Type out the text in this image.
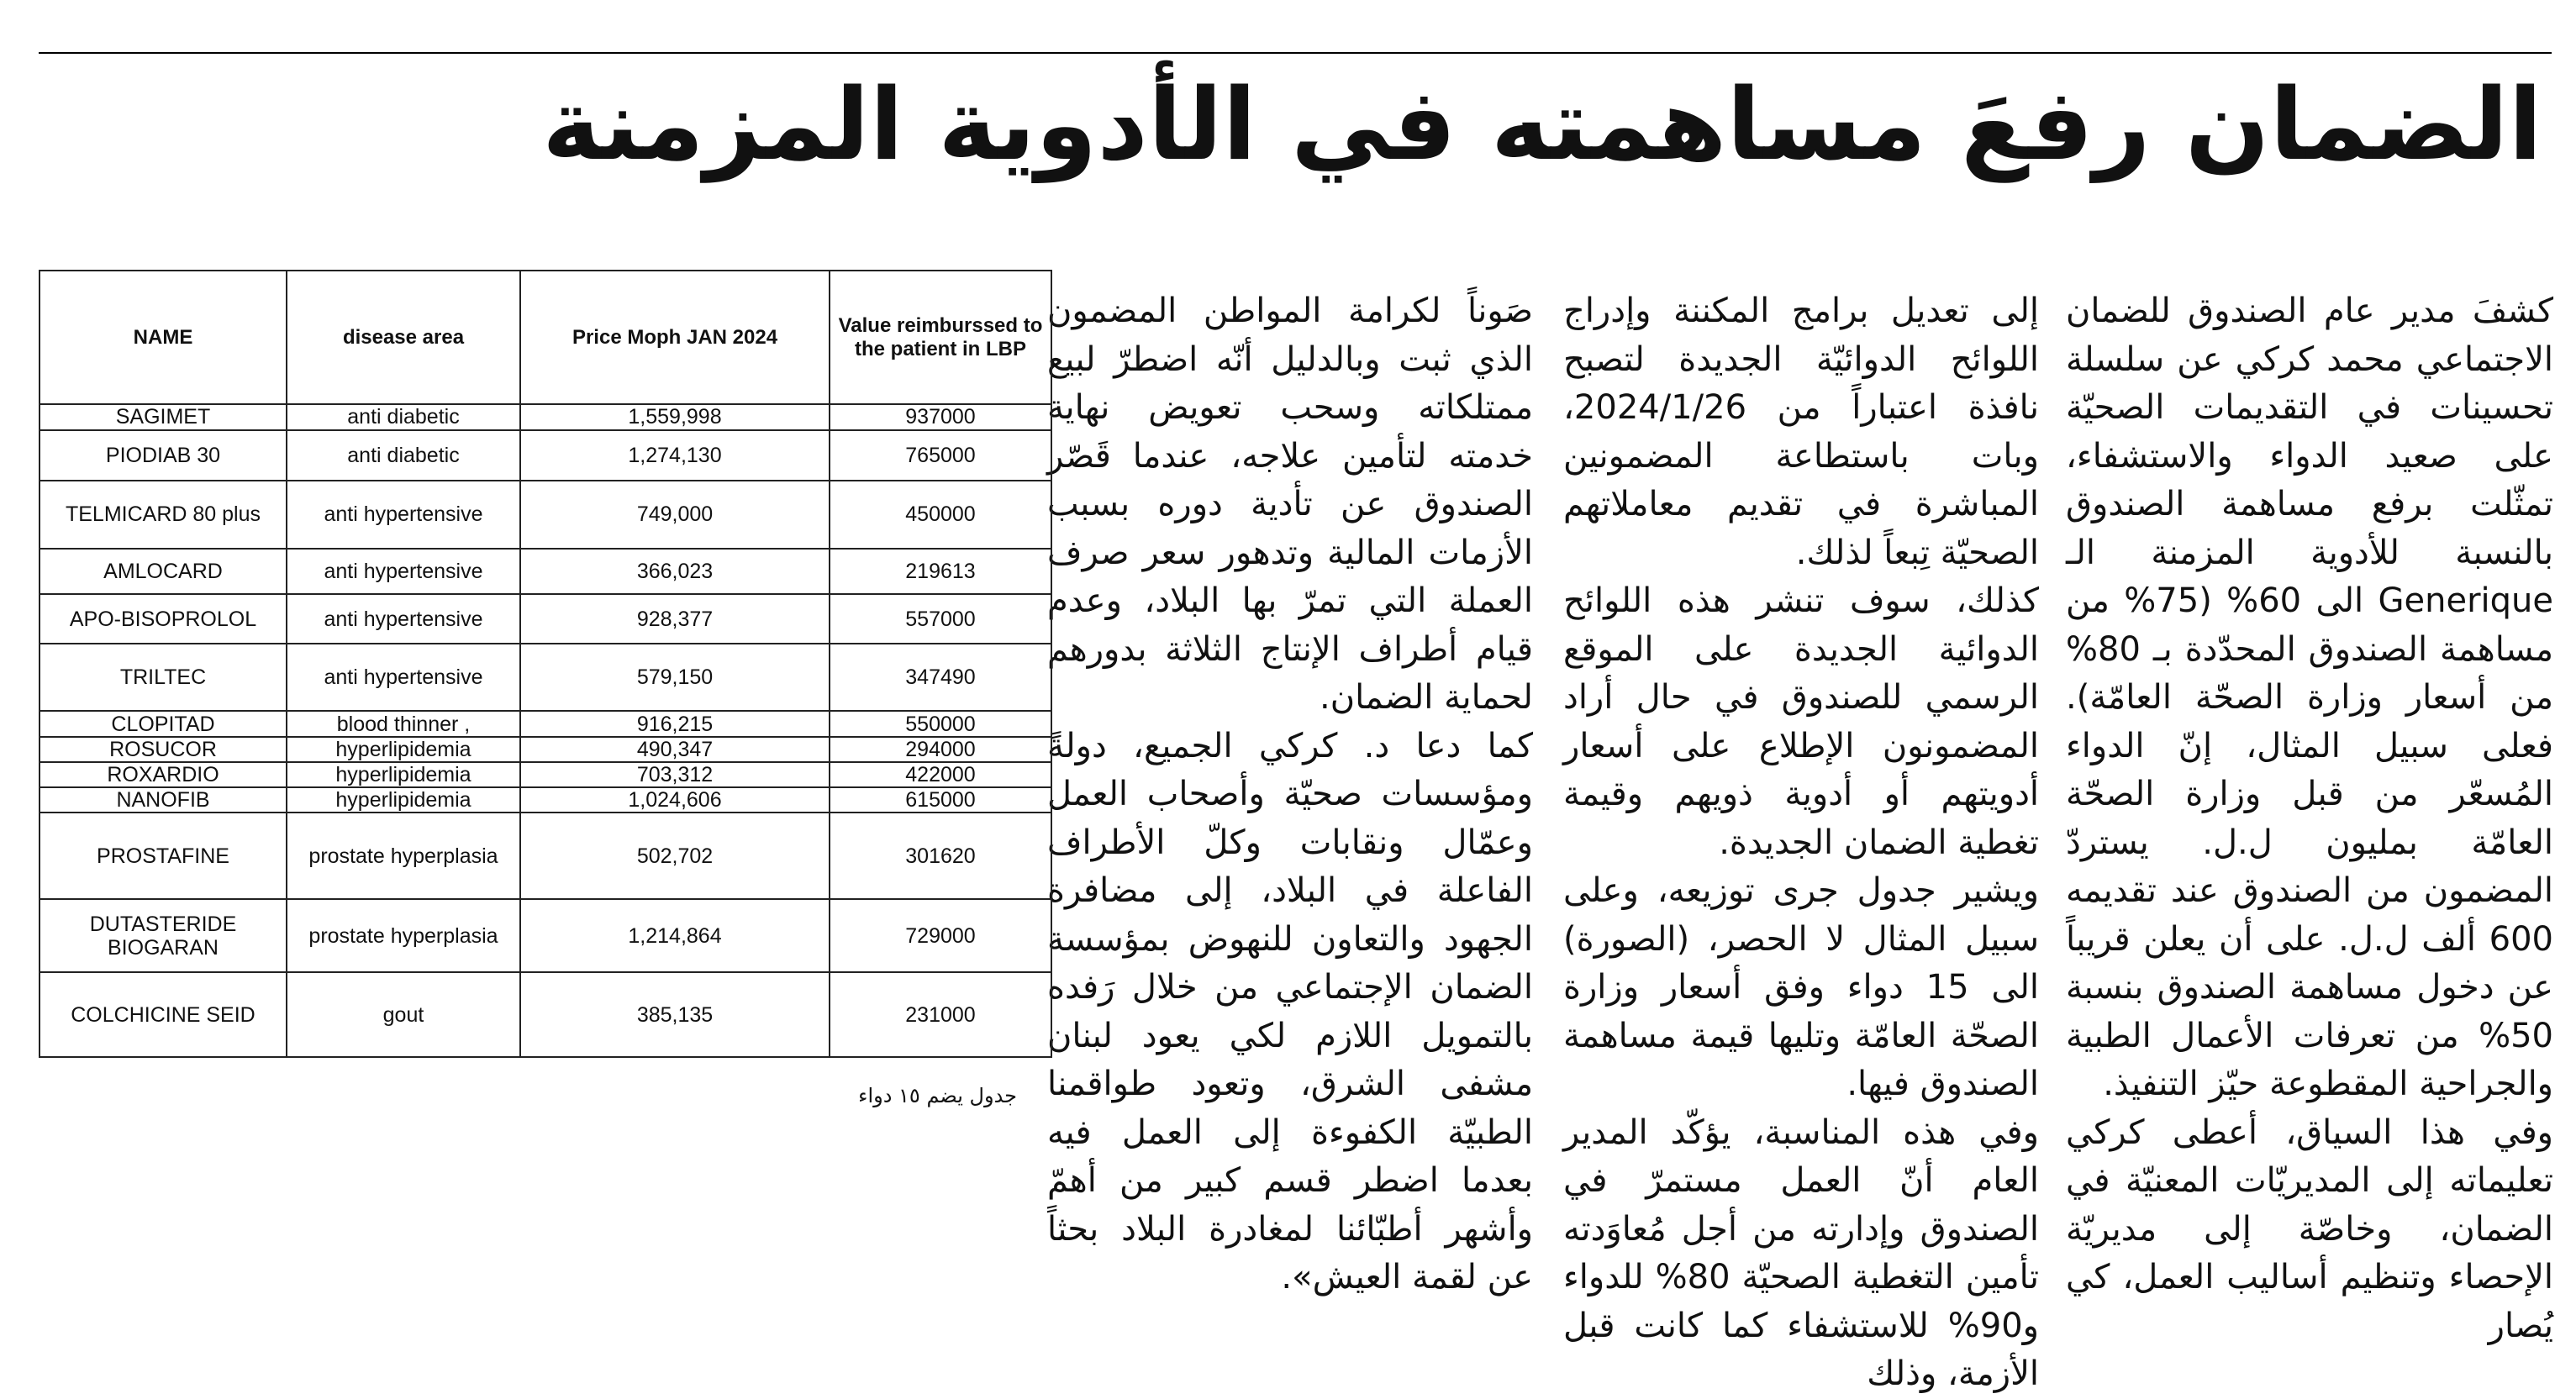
الضمان رفعَ مساهمته في الأدوية المزمنة

كشفَ مدير عام الصندوق للضمان الاجتماعي محمد كركي عن سلسلة تحسينات في التقديمات الصحيّة على صعيد الدواء والاستشفاء، تمثّلت برفع مساهمة الصندوق بالنسبة للأدوية المزمنة الـ Generique الى 60% (75% من مساهمة الصندوق المحدّدة بـ 80% من أسعار وزارة الصحّة العامّة). فعلى سبيل المثال، إنّ الدواء المُسعّر من قبل وزارة الصحّة العامّة بمليون ل.ل. يستردّ المضمون من الصندوق عند تقديمه 600 ألف ل.ل. على أن يعلن قريباً عن دخول مساهمة الصندوق بنسبة 50% من تعرفات الأعمال الطبية والجراحية المقطوعة حيّز التنفيذ.

وفي هذا السياق، أعطى كركي تعليماته إلى المديريّات المعنيّة في الضمان، وخاصّة إلى مديريّة الإحصاء وتنظيم أساليب العمل، كي يُصار

إلى تعديل برامج المكننة وإدراج اللوائح الدوائيّة الجديدة لتصبح نافذة اعتباراً من 2024/1/26، وبات باستطاعة المضمونين المباشرة في تقديم معاملاتهم الصحيّة تِبعاً لذلك.

كذلك، سوف تنشر هذه اللوائح الدوائية الجديدة على الموقع الرسمي للصندوق في حال أراد المضمونون الإطلاع على أسعار أدويتهم أو أدوية ذويهم وقيمة تغطية الضمان الجديدة.

ويشير جدول جرى توزيعه، وعلى سبيل المثال لا الحصر، (الصورة) الى 15 دواء وفق أسعار وزارة الصحّة العامّة وتليها قيمة مساهمة الصندوق فيها.

وفي هذه المناسبة، يؤكّد المدير العام أنّ العمل مستمرّ في الصندوق وإدارته من أجل مُعاوَدته تأمين التغطية الصحيّة 80% للدواء و90% للاستشفاء كما كانت قبل الأزمة، وذلك

صَوناً لكرامة المواطن المضمون الذي ثبت وبالدليل أنّه اضطرّ لبيع ممتلكاته وسحب تعويض نهاية خدمته لتأمين علاجه، عندما قَصّر الصندوق عن تأدية دوره بسبب الأزمات المالية وتدهور سعر صرف العملة التي تمرّ بها البلاد، وعدم قيام أطراف الإنتاج الثلاثة بدورهم لحماية الضمان.

كما دعا د. كركي الجميع، دولةً ومؤسسات صحيّة وأصحاب العمل وعمّال ونقابات وكلّ الأطراف الفاعلة في البلاد، إلى مضافرة الجهود والتعاون للنهوض بمؤسسة الضمان الإجتماعي من خلال رَفده بالتمويل اللازم لكي يعود لبنان مشفى الشرق، وتعود طواقمنا الطبيّة الكفوءة إلى العمل فيه بعدما اضطر قسم كبير من أهمّ وأشهر أطبّائنا لمغادرة البلاد بحثاً عن لقمة العيش».

NAME	disease area	Price Moph JAN 2024	Value reimburssed to the patient in LBP
SAGIMET	anti diabetic	1,559,998	937000
PIODIAB 30	anti diabetic	1,274,130	765000
TELMICARD 80 plus	anti hypertensive	749,000	450000
AMLOCARD	anti hypertensive	366,023	219613
APO-BISOPROLOL	anti hypertensive	928,377	557000
TRILTEC	anti hypertensive	579,150	347490
CLOPITAD	blood thinner ,	916,215	550000
ROSUCOR	hyperlipidemia	490,347	294000
ROXARDIO	hyperlipidemia	703,312	422000
NANOFIB	hyperlipidemia	1,024,606	615000
PROSTAFINE	prostate hyperplasia	502,702	301620
DUTASTERIDE BIOGARAN	prostate hyperplasia	1,214,864	729000
COLCHICINE SEID	gout	385,135	231000
جدول يضم ١٥ دواء
